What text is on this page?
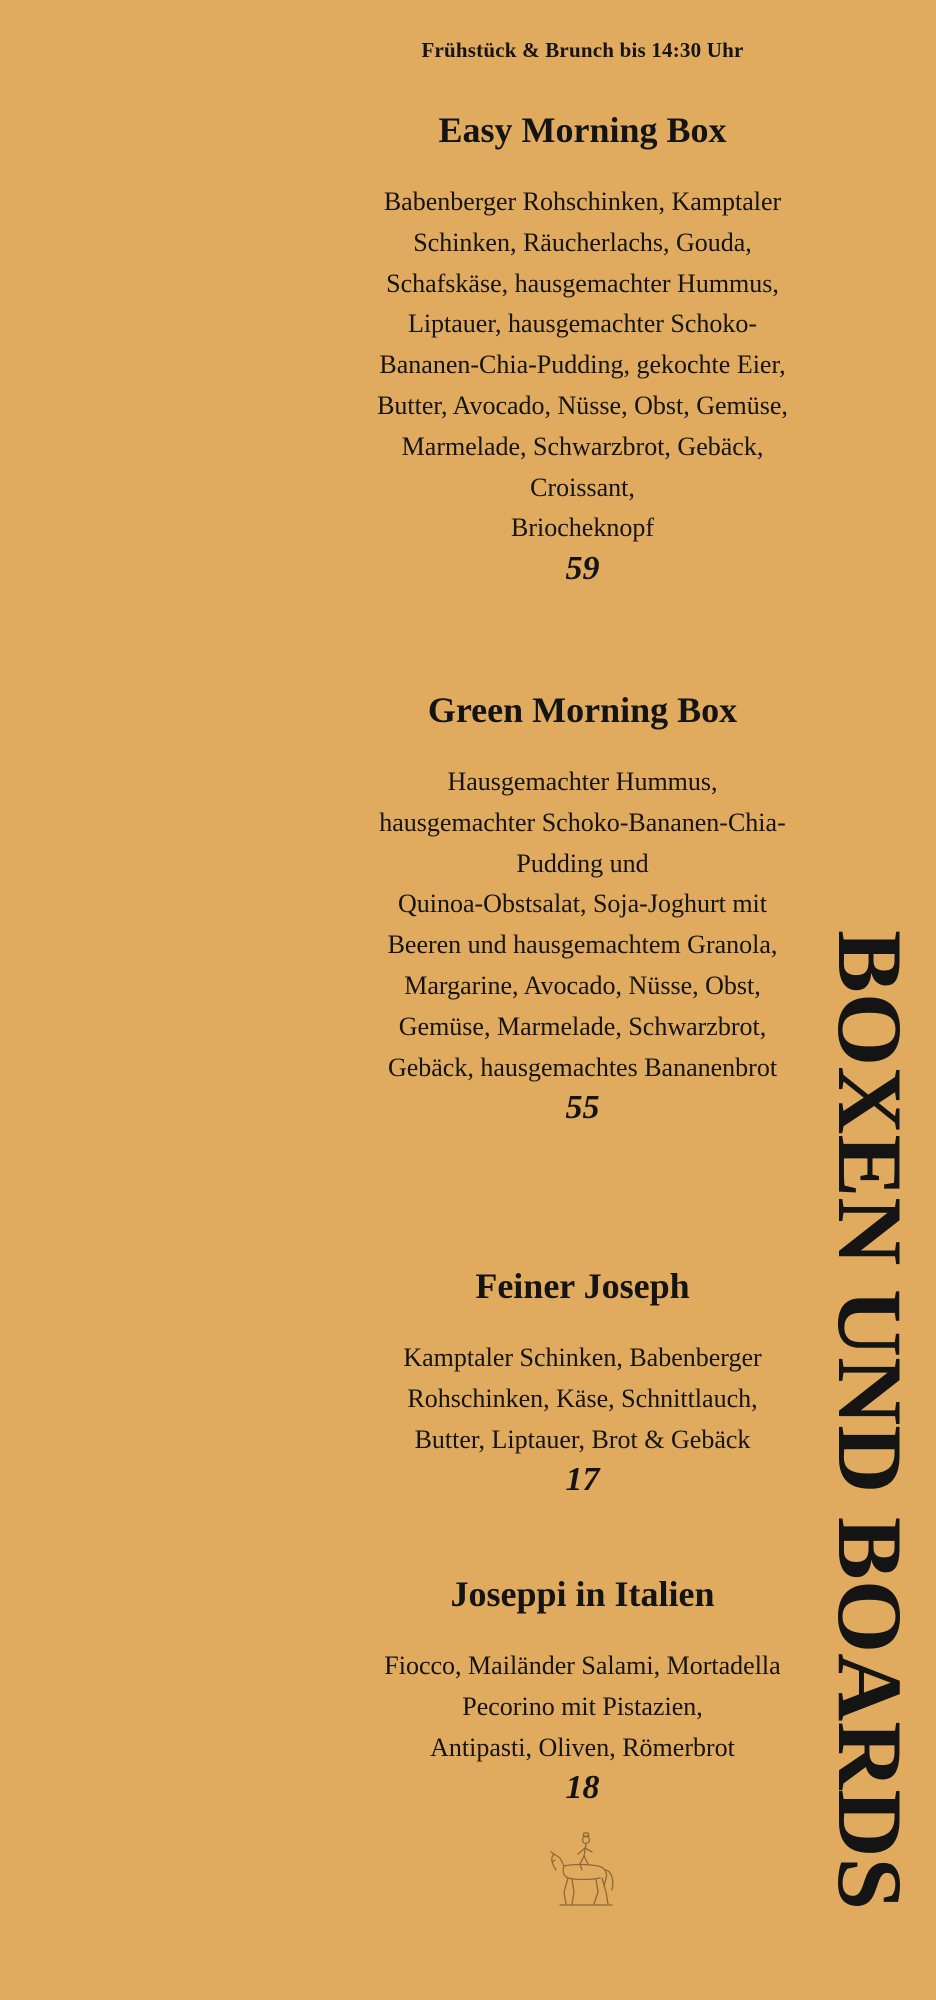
Frühstück & Brunch bis 14:30 Uhr
Easy Morning Box
Babenberger Rohschinken, Kamptaler
Schinken, Räucherlachs, Gouda,
Schafskäse, hausgemachter Hummus,
Liptauer, hausgemachter Schoko-
Bananen-Chia-Pudding, gekochte Eier,
Butter, Avocado, Nüsse, Obst, Gemüse,
Marmelade, Schwarzbrot, Gebäck,
Croissant,
Briocheknopf
59
Green Morning Box
Hausgemachter Hummus,
hausgemachter Schoko-Bananen-Chia-
Pudding und
Quinoa-Obstsalat, Soja-Joghurt mit
Beeren und hausgemachtem Granola,
Margarine, Avocado, Nüsse, Obst,
Gemüse, Marmelade, Schwarzbrot,
Gebäck, hausgemachtes Bananenbrot
55
Feiner Joseph
Kamptaler Schinken, Babenberger
Rohschinken, Käse, Schnittlauch,
Butter, Liptauer, Brot & Gebäck
17
Joseppi in Italien
Fiocco, Mailänder Salami, Mortadella
Pecorino mit Pistazien,
Antipasti, Oliven, Römerbrot
18	BOXEN UND BOARDS
